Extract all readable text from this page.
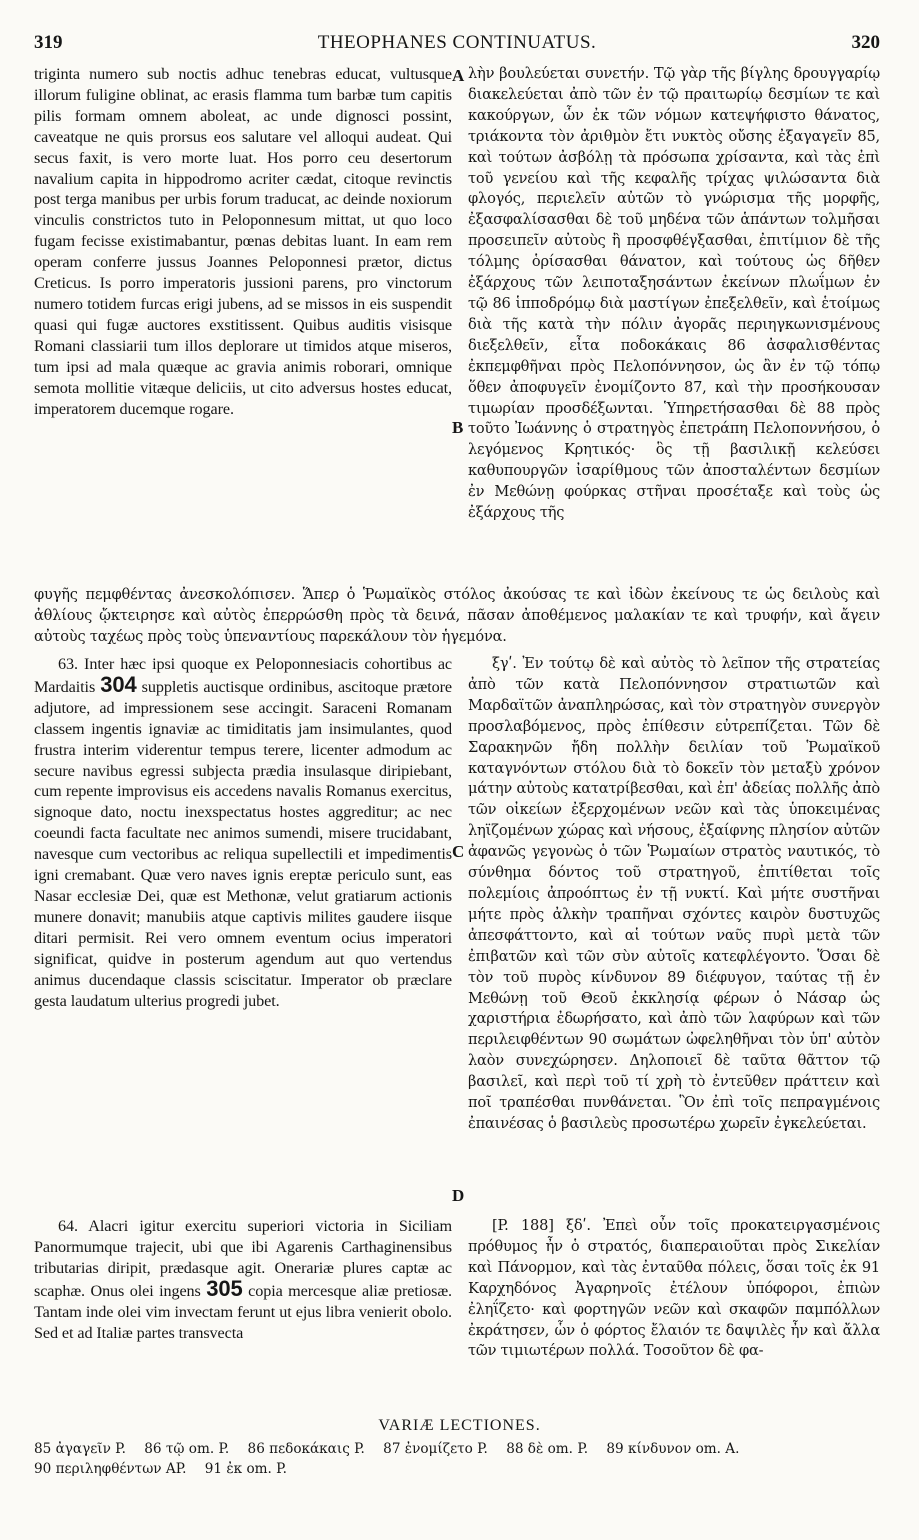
319	THEOPHANES CONTINUATUS.	320

triginta numero sub noctis adhuc tenebras educat, vultusque illorum fuligine oblinat, ac erasis flamma tum barbæ tum capitis pilis formam omnem aboleat, ac unde dignosci possint, caveatque ne quis prorsus eos salutare vel alloqui audeat. Qui secus faxit, is vero morte luat. Hos porro ceu desertorum navalium capita in hippodromo acriter cædat, citoque revinctis post terga manibus per urbis forum traducat, ac deinde noxiorum vinculis constrictos tuto in Peloponnesum mittat, ut quo loco fugam fecisse existimabantur, pœnas debitas luant. In eam rem operam conferre jussus Joannes Peloponnesi prætor, dictus Creticus. Is porro imperatoris jussioni parens, pro vinctorum numero totidem furcas erigi jubens, ad se missos in eis suspendit quasi qui fugæ auctores exstitissent. Quibus auditis visisque Romani classiarii tum illos deplorare ut timidos atque miseros, tum ipsi ad mala quæque ac gravia animis roborari, omnique semota mollitie vitæque deliciis, ut cito adversus hostes educat, imperatorem ducemque rogare.

λὴν βουλεύεται συνετήν. Τῷ γὰρ τῆς βίγλης δρουγγαρίῳ διακελεύεται ἀπὸ τῶν ἐν τῷ πραιτωρίῳ δεσμίων τε καὶ κακούργων, ὧν ἐκ τῶν νόμων κατεψήφιστο θάνατος, τριάκοντα τὸν ἀριθμὸν ἔτι νυκτὸς οὔσης ἐξαγαγεῖν 85, καὶ τούτων ἀσβόλῃ τὰ πρόσωπα χρίσαντα, καὶ τὰς ἐπὶ τοῦ γενείου καὶ τῆς κεφαλῆς τρίχας ψιλώσαντα διὰ φλογός, περιελεῖν αὐτῶν τὸ γνώρισμα τῆς μορφῆς, ἐξασφαλίσασθαι δὲ τοῦ μηδένα τῶν ἁπάντων τολμῆσαι προσειπεῖν αὐτοὺς ἢ προσφθέγξασθαι, ἐπιτίμιον δὲ τῆς τόλμης ὁρίσασθαι θάνατον, καὶ τούτους ὡς δῆθεν ἐξάρχους τῶν λειποταξησάντων ἐκείνων πλωΐμων ἐν τῷ 86 ἱπποδρόμῳ διὰ μαστίγων ἐπεξελθεῖν, καὶ ἑτοίμως διὰ τῆς κατὰ τὴν πόλιν ἀγορᾶς περιηγκωνισμένους διεξελθεῖν, εἶτα ποδοκάκαις 86 ἀσφαλισθέντας ἐκπεμφθῆναι πρὸς Πελοπόννησον, ὡς ἂν ἐν τῷ τόπῳ ὅθεν ἀποφυγεῖν ἐνομίζοντο 87, καὶ τὴν προσήκουσαν τιμωρίαν προσδέξωνται. Ὑπηρετήσασθαι δὲ 88 πρὸς τοῦτο Ἰωάννης ὁ στρατηγὸς ἐπετράπη Πελοποννήσου, ὁ λεγόμενος Κρητικός· ὃς τῇ βασιλικῇ κελεύσει καθυπουργῶν ἰσαρίθμους τῶν ἀποσταλέντων δεσμίων ἐν Μεθώνῃ φούρκας στῆναι προσέταξε καὶ τοὺς ὡς ἐξάρχους τῆς

φυγῆς πεμφθέντας ἀνεσκολόπισεν. Ἅπερ ὁ Ῥωμαϊκὸς στόλος ἀκούσας τε καὶ ἰδὼν ἐκείνους τε ὡς δειλοὺς καὶ ἀθλίους ᾤκτειρησε καὶ αὐτὸς ἐπερρώσθη πρὸς τὰ δεινά, πᾶσαν ἀποθέμενος μαλακίαν τε καὶ τρυφήν, καὶ ἄγειν αὐτοὺς ταχέως πρὸς τοὺς ὑπεναντίους παρεκάλουν τὸν ἡγεμόνα.

63. Inter hæc ipsi quoque ex Peloponnesiacis cohortibus ac Mardaitis 304 suppletis auctisque ordinibus, ascitoque prætore adjutore, ad impressionem sese accingit. Saraceni Romanam classem ingentis ignaviæ ac timiditatis jam insimulantes, quod frustra interim viderentur tempus terere, licenter admodum ac secure navibus egressi subjecta prædia insulasque diripiebant, cum repente improvisus eis accedens navalis Romanus exercitus, signoque dato, noctu inexspectatus hostes aggreditur; ac nec coeundi facta facultate nec animos sumendi, misere trucidabant, navesque cum vectoribus ac reliqua supellectili et impedimentis igni cremabant. Quæ vero naves ignis ereptæ periculo sunt, eas Nasar ecclesiæ Dei, quæ est Methonæ, velut gratiarum actionis munere donavit; manubiis atque captivis milites gaudere iisque ditari permisit. Rei vero omnem eventum ocius imperatori significat, quidve in posterum agendum aut quo vertendus animus ducendaque classis sciscitatur. Imperator ob præclare gesta laudatum ulterius progredi jubet.

ξγʹ. Ἐν τούτῳ δὲ καὶ αὐτὸς τὸ λεῖπον τῆς στρατείας ἀπὸ τῶν κατὰ Πελοπόννησον στρατιωτῶν καὶ Μαρδαϊτῶν ἀναπληρώσας, καὶ τὸν στρατηγὸν συνεργὸν προσλαβόμενος, πρὸς ἐπίθεσιν εὐτρεπίζεται. Τῶν δὲ Σαρακηνῶν ἤδη πολλὴν δειλίαν τοῦ Ῥωμαϊκοῦ καταγνόντων στόλου διὰ τὸ δοκεῖν τὸν μεταξὺ χρόνον μάτην αὐτοὺς κατατρίβεσθαι, καὶ ἐπ' ἀδείας πολλῆς ἀπὸ τῶν οἰκείων ἐξερχομένων νεῶν καὶ τὰς ὑποκειμένας ληϊζομένων χώρας καὶ νήσους, ἐξαίφνης πλησίον αὐτῶν ἀφανῶς γεγονὼς ὁ τῶν Ῥωμαίων στρατὸς ναυτικός, τὸ σύνθημα δόντος τοῦ στρατηγοῦ, ἐπιτίθεται τοῖς πολεμίοις ἀπροόπτως ἐν τῇ νυκτί. Καὶ μήτε συστῆναι μήτε πρὸς ἀλκὴν τραπῆναι σχόντες καιρὸν δυστυχῶς ἀπεσφάττοντο, καὶ αἱ τούτων ναῦς πυρὶ μετὰ τῶν ἐπιβατῶν καὶ τῶν σὺν αὐτοῖς κατεφλέγοντο. Ὅσαι δὲ τὸν τοῦ πυρὸς κίνδυνον 89 διέφυγον, ταύτας τῇ ἐν Μεθώνῃ τοῦ Θεοῦ ἐκκλησίᾳ φέρων ὁ Νάσαρ ὡς χαριστήρια ἐδωρήσατο, καὶ ἀπὸ τῶν λαφύρων καὶ τῶν περιλειφθέντων 90 σωμάτων ὠφεληθῆναι τὸν ὑπ' αὐτὸν λαὸν συνεχώρησεν. Δηλοποιεῖ δὲ ταῦτα θᾶττον τῷ βασιλεῖ, καὶ περὶ τοῦ τί χρὴ τὸ ἐντεῦθεν πράττειν καὶ ποῖ τραπέσθαι πυνθάνεται. Ὃν ἐπὶ τοῖς πεπραγμένοις ἐπαινέσας ὁ βασιλεὺς προσωτέρω χωρεῖν ἐγκελεύεται.

64. Alacri igitur exercitu superiori victoria in Siciliam Panormumque trajecit, ubi que ibi Agarenis Carthaginensibus tributarias diripit, prædasque agit. Onerariæ plures captæ ac scaphæ. Onus olei ingens 305 copia mercesque aliæ pretiosæ. Tantam inde olei vim invectam ferunt ut ejus libra venierit obolo. Sed et ad Italiæ partes transvecta

[P. 188] ξδʹ. Ἐπεὶ οὖν τοῖς προκατειργασμένοις πρόθυμος ἦν ὁ στρατός, διαπεραιοῦται πρὸς Σικελίαν καὶ Πάνορμον, καὶ τὰς ἐνταῦθα πόλεις, ὅσαι τοῖς ἐκ 91 Καρχηδόνος Ἀγαρηνοῖς ἐτέλουν ὑπόφοροι, ἐπιὼν ἐληΐζετο· καὶ φορτηγῶν νεῶν καὶ σκαφῶν παμπόλλων ἐκράτησεν, ὧν ὁ φόρτος ἔλαιόν τε δαψιλὲς ἦν καὶ ἄλλα τῶν τιμιωτέρων πολλά. Τοσοῦτον δὲ φα-

A
B
C
D
VARIÆ LECTIONES.
85 ἀγαγεῖν P. 86 τῷ om. P. 86 πεδοκάκαις P. 87 ἐνομίζετο P. 88 δὲ om. P. 89 κίνδυνον om. A.
90 περιληφθέντων AP. 91 ἐκ om. P.
